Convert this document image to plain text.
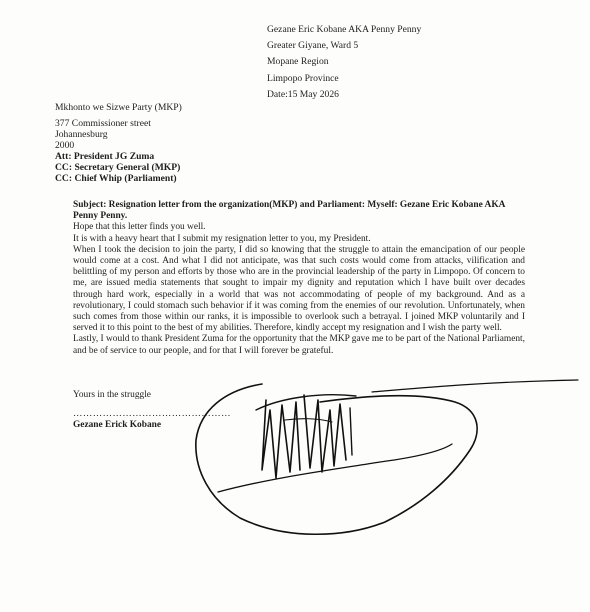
Gezane Eric Kobane AKA Penny Penny
Greater Giyane, Ward 5
Mopane Region
Limpopo Province
Date:15 May 2026
Mkhonto we Sizwe Party (MKP)
377 Commissioner street
Johannesburg
2000
Att: President JG Zuma
CC: Secretary General (MKP)
CC: Chief Whip (Parliament)
Subject: Resignation letter from the organization(MKP) and Parliament: Myself: Gezane Eric Kobane AKA Penny Penny.
Hope that this letter finds you well.
It is with a heavy heart that I submit my resignation letter to you, my President.
When I took the decision to join the party, I did so knowing that the struggle to attain the emancipation of our people would come at a cost. And what I did not anticipate, was that such costs would come from attacks, vilification and belittling of my person and efforts by those who are in the provincial leadership of the party in Limpopo. Of concern to me, are issued media statements that sought to impair my dignity and reputation which I have built over decades through hard work, especially in a world that was not accommodating of people of my background. And as a revolutionary, I could stomach such behavior if it was coming from the enemies of our revolution. Unfortunately, when such comes from those within our ranks, it is impossible to overlook such a betrayal. I joined MKP voluntarily and I served it to this point to the best of my abilities. Therefore, kindly accept my resignation and I wish the party well.
Lastly, I would to thank President Zuma for the opportunity that the MKP gave me to be part of the National Parliament, and be of service to our people, and for that I will forever be grateful.
Yours in the struggle
…………………………………………
Gezane Erick Kobane
